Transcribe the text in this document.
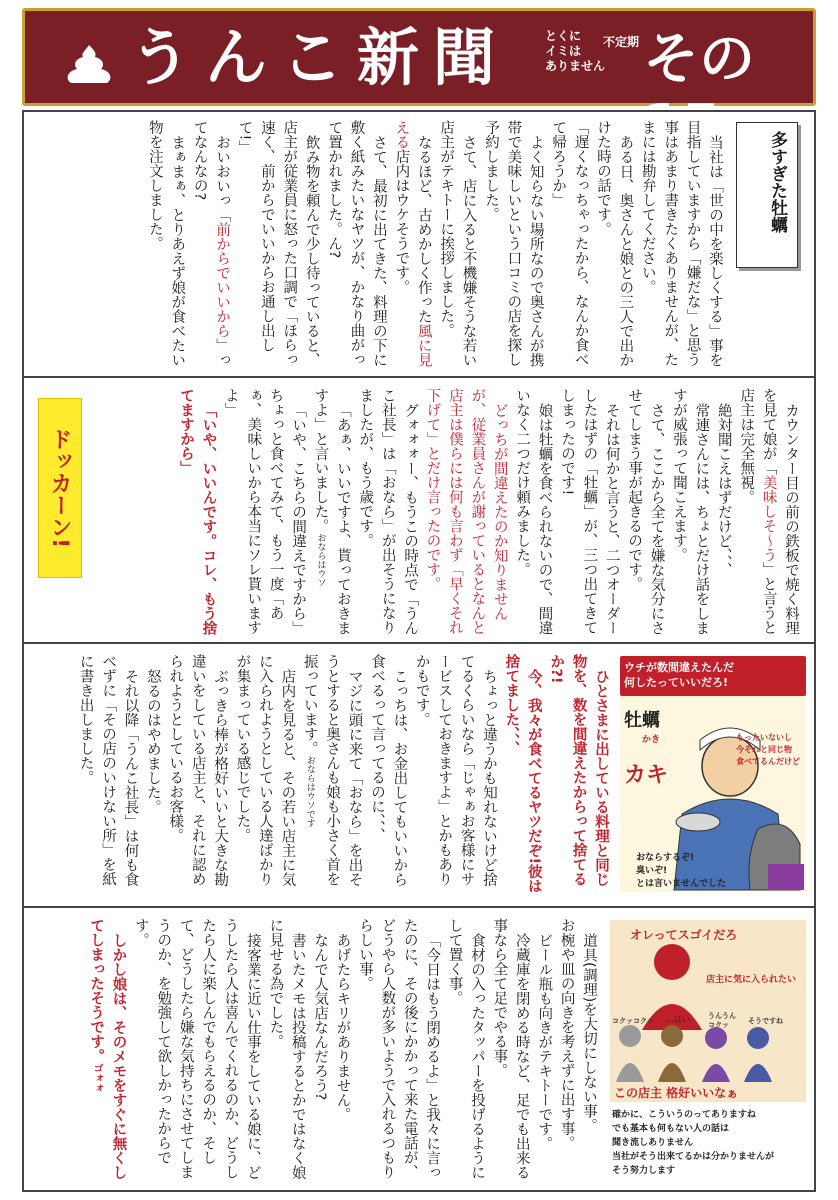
うんこ新聞	とくに
イミは
ありません
不定期 その15
多すぎた牡蠣

当社は「世の中を楽しくする」事を目指していますから「嫌だな」と思う事はあまり書きたくありませんが、たまには勘弁してください。

ある日、奥さんと娘との三人で出かけた時の話です。

「遅くなっちゃったから、なんか食べて帰ろうか」

よく知らない場所なので奥さんが携帯で美味しいという口コミの店を探し予約しました。

さて、店に入ると不機嫌そうな若い店主がテキトーに挨拶しました。

なるほど、古めかしく作った風に見える店内はウケそうです。

さて、最初に出てきた、料理の下に敷く紙みたいなヤツが、かなり曲がって置かれました。ん?

飲み物を頼んで少し待っていると、店主が従業員に怒った口調で「ほらっ速く、前からでいいからお通し出して!」

おいおいっ「前からでいいから」ってなんなの?

まぁまぁ、とりあえず娘が食べたい物を注文しました。

ドッカーン!	カウンター目の前の鉄板で焼く料理を見て娘が「美味しそ〜う」と言うと店主は完全無視。

絶対聞こえはずだけど、、、

常連さんには、ちょとだけ話をしますが威張って聞こえます。

さて、ここから全てを嫌な気分にさせてしまう事が起きるのです。

それは何かと言うと、二つオーダーしたはずの「牡蠣」が、三つ出てきてしまったのです!

娘は牡蠣を食べられないので、間違いなく二つだけ頼みました。

どっちが間違えたのか知りませんが、従業員さんが謝っているとなんと店主は僕らには何も言わず「早くそれ下げて」とだけ言ったのです。

グォォォー、もうこの時点で「うんこ社長」は「おなら」が出そうになりましたが、もう歳です。

「あぁ、いいですよ、貰っておきますよ」と言いました。おならはウソ

「いや、こちらの間違えですから」ちょっと食べてみて、もう一度「あぁ、美味しいから本当にソレ貰いますよ」

「いや、いいんです。コレ、もう捨てますから」

ひとさまに出している料理と同じ物を、数を間違えたからって捨てるか?!

今、我々が食べてるヤツだぞ!彼は捨てました、、、

ちょっと違うかも知れないけど捨てるくらいなら「じゃぁお客様にサービスしておきますよ」とかもありかもです。

こっちは、お金出してもいいから食べるって言ってるのに、、、

マジに頭に来て「おなら」を出そうとすると奥さんも娘も小さく首を振っています。おならはウソです

店内を見ると、その若い店主に気に入られようとしている人達ばかりが集まっている感じでした。

ぶっきら棒が格好いいと大きな勘違いをしている店主と、それに認められようとしているお客様。

怒るのはやめました。

それ以降「うんこ社長」は何も食べずに「その店のいけない所」を紙に書き出しました。	ウチが数間違えたんだ
何したっていいだろ!
牡蠣
かき
カキ
もったいないし
今それと同じ物
食べてるんだけど
おならするぞ!
臭いぞ!
とは言いませんでした

道具(調理)を大切にしない事。

お椀や皿の向きを考えずに出す事。

ビール瓶も向きがテキトーです。

冷蔵庫を閉める時など、足でも出来る事なら全て足でやる事。

食材の入ったタッパーを投げるようにして置く事。

「今日はもう閉めるよ」と我々に言ったのに、その後にかかって来た電話が、どうやら人数が多いようで入れるつもりらしい事。

あげたらキリがありません。

なんで人気店なんだろう?

書いたメモは投稿するとかではなく娘に見せる為でした。

接客業に近い仕事をしている娘に、どうしたら人は喜んでくれるのか、どうしたら人に楽しんでもらえるのか、そして、どうしたら嫌な気持ちにさせてしまうのか、を勉強して欲しかったからです。

しかし娘は、そのメモをすぐに無くしてしまったそうです。ゴォォ

オレってスゴイだろ
店主に気に入られたい
コクッコクッ …はい	うんうん
コクッ	そうですね
この店主 格好いいなぁ
確かに、こういうのってありますね
でも基本も何もない人の話は
聞き流しありません
当社がそう出来てるかは分かりませんが
そう努力します
